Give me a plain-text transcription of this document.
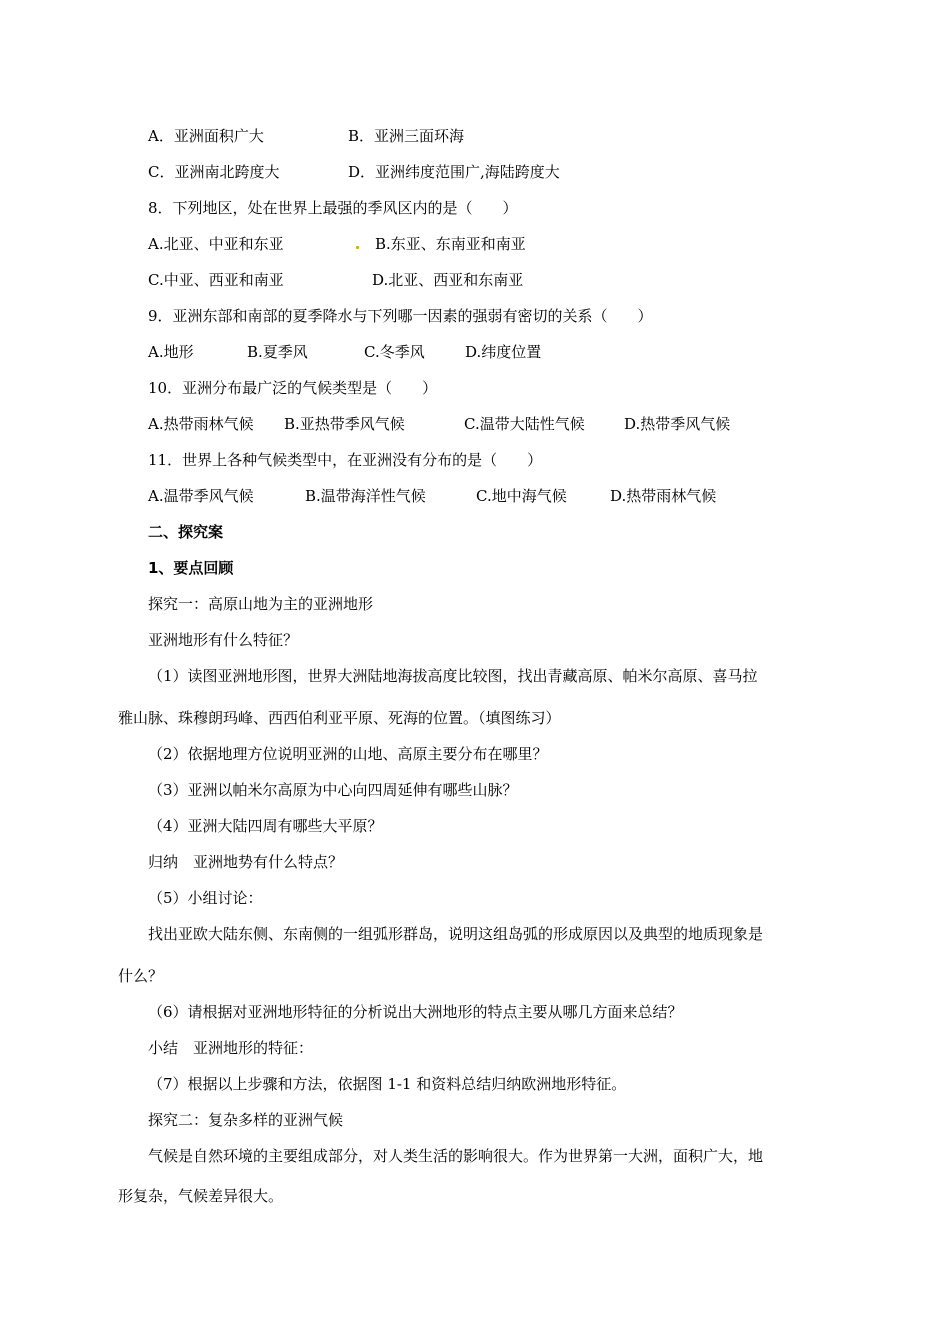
A．亚洲面积广大	B．亚洲三面环海
C．亚洲南北跨度大	D．亚洲纬度范围广,海陆跨度大
8．下列地区，处在世界上最强的季风区内的是（　　）
A.北亚、中亚和东亚	B.东亚、东南亚和南亚
C.中亚、西亚和南亚	D.北亚、西亚和东南亚
9．亚洲东部和南部的夏季降水与下列哪一因素的强弱有密切的关系（　　）
A.地形	B.夏季风	C.冬季风	D.纬度位置
10．亚洲分布最广泛的气候类型是（　　）
A.热带雨林气候 B.亚热带季风气候	C.温带大陆性气候	D.热带季风气候
11．世界上各种气候类型中，在亚洲没有分布的是（　　）
A.温带季风气候	B.温带海洋性气候	C.地中海气候	D.热带雨林气候
二、探究案
1、要点回顾
探究一：高原山地为主的亚洲地形
亚洲地形有什么特征？
（1）读图亚洲地形图，世界大洲陆地海拔高度比较图，找出青藏高原、帕米尔高原、喜马拉
雅山脉、珠穆朗玛峰、西西伯利亚平原、死海的位置。（填图练习）
（2）依据地理方位说明亚洲的山地、高原主要分布在哪里？
（3）亚洲以帕米尔高原为中心向四周延伸有哪些山脉？
（4）亚洲大陆四周有哪些大平原？
归纳　亚洲地势有什么特点？
（5）小组讨论：
找出亚欧大陆东侧、东南侧的一组弧形群岛，说明这组岛弧的形成原因以及典型的地质现象是
什么？
（6）请根据对亚洲地形特征的分析说出大洲地形的特点主要从哪几方面来总结？
小结　亚洲地形的特征：
（7）根据以上步骤和方法，依据图 1-1 和资料总结归纳欧洲地形特征。
探究二：复杂多样的亚洲气候
气候是自然环境的主要组成部分，对人类生活的影响很大。作为世界第一大洲，面积广大，地
形复杂，气候差异很大。
